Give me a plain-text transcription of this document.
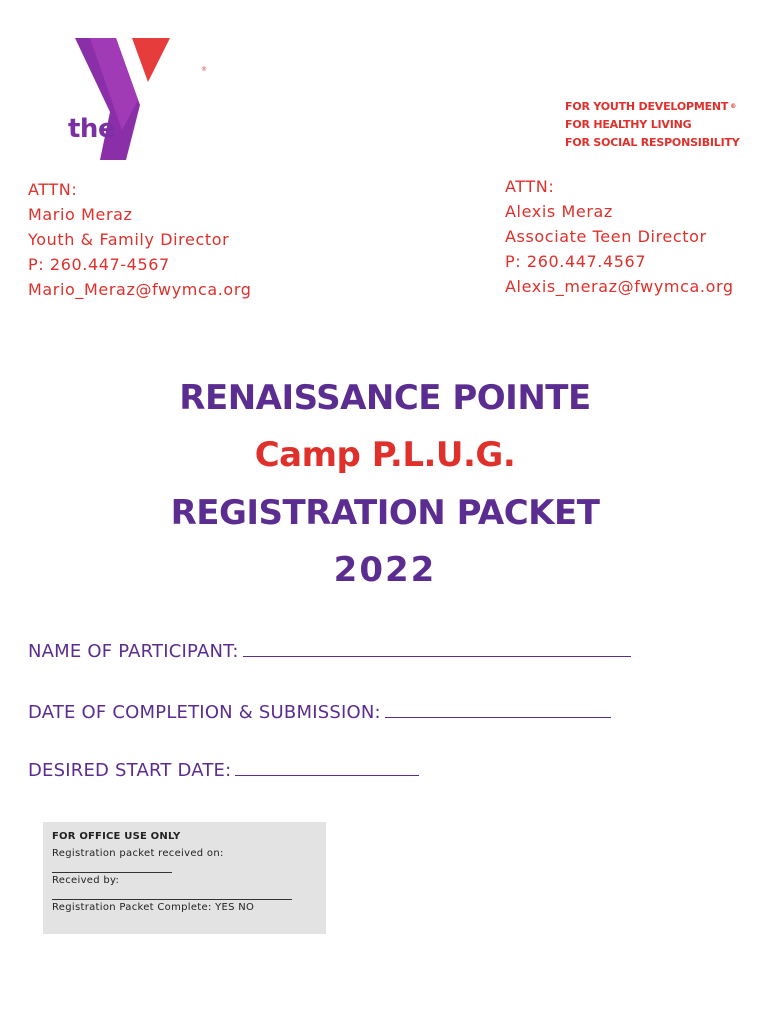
the
YMCA
®
FOR YOUTH DEVELOPMENT ®
FOR HEALTHY LIVING
FOR SOCIAL RESPONSIBILITY
ATTN:
Mario Meraz
Youth & Family Director
P: 260.447-4567
Mario_Meraz@fwymca.org
ATTN:
Alexis Meraz
Associate Teen Director
P: 260.447.4567
Alexis_meraz@fwymca.org
RENAISSANCE POINTE
Camp P.L.U.G.
REGISTRATION PACKET
2022
NAME OF PARTICIPANT:
DATE OF COMPLETION & SUBMISSION:
DESIRED START DATE:
FOR OFFICE USE ONLY
Registration packet received on:
Received by:
Registration Packet Complete: YES NO
